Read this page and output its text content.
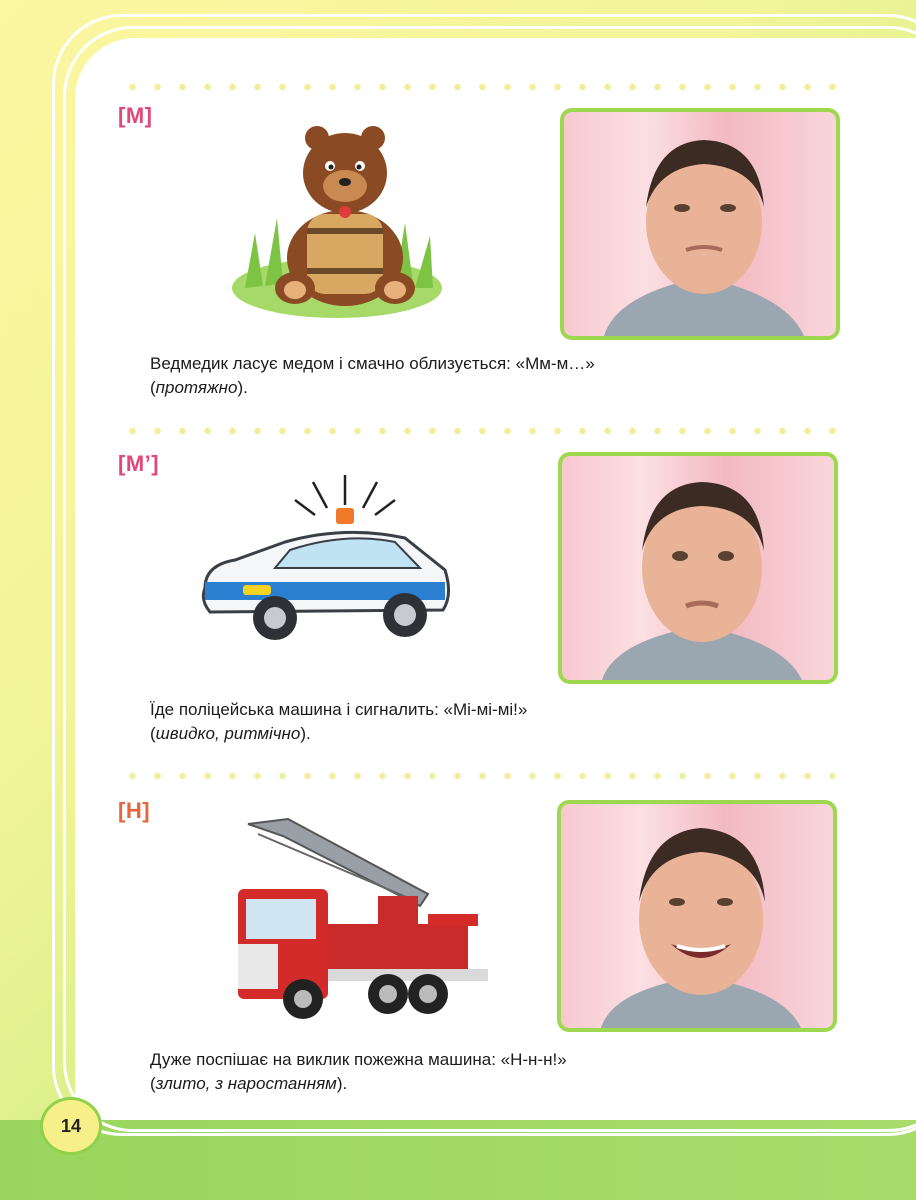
[М]
Ведмедик ласує медом і смачно облизується: «Мм-м…»
(протяжно).
[М’]
Їде поліцейська машина і сигналить: «Мі-мі-мі!»
(швидко, ритмічно).
[Н]
Дуже поспішає на виклик пожежна машина: «Н-н-н!»
(злито, з наростанням).
14
